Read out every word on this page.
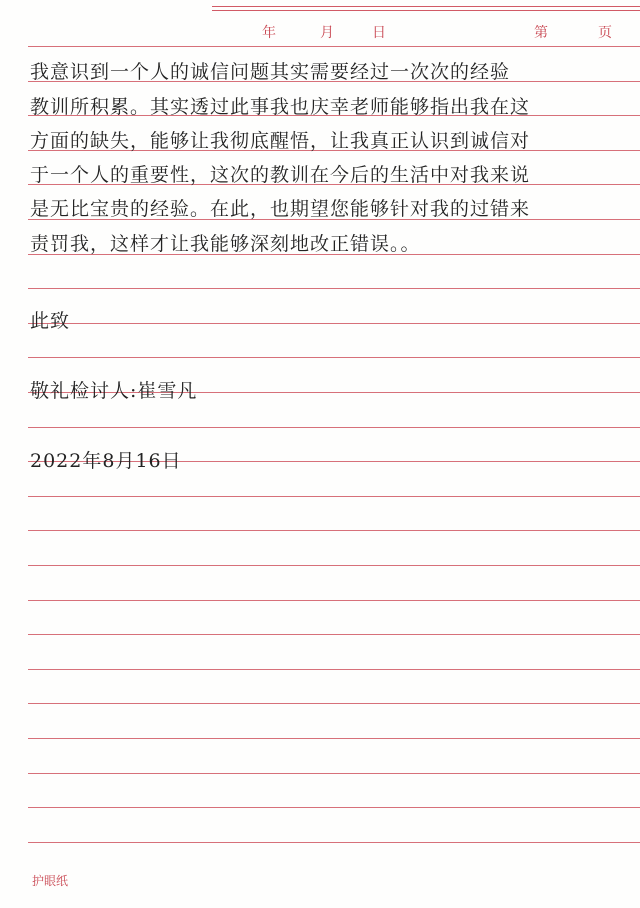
年	月	日	第	页
我意识到一个人的诚信问题其实需要经过一次次的经验
教训所积累。其实透过此事我也庆幸老师能够指出我在这
方面的缺失，能够让我彻底醒悟，让我真正认识到诚信对
于一个人的重要性，这次的教训在今后的生活中对我来说
是无比宝贵的经验。在此，也期望您能够针对我的过错来
责罚我，这样才让我能够深刻地改正错误。。
此致
敬礼检讨人:崔雪凡
2022年8月16日
护眼纸
